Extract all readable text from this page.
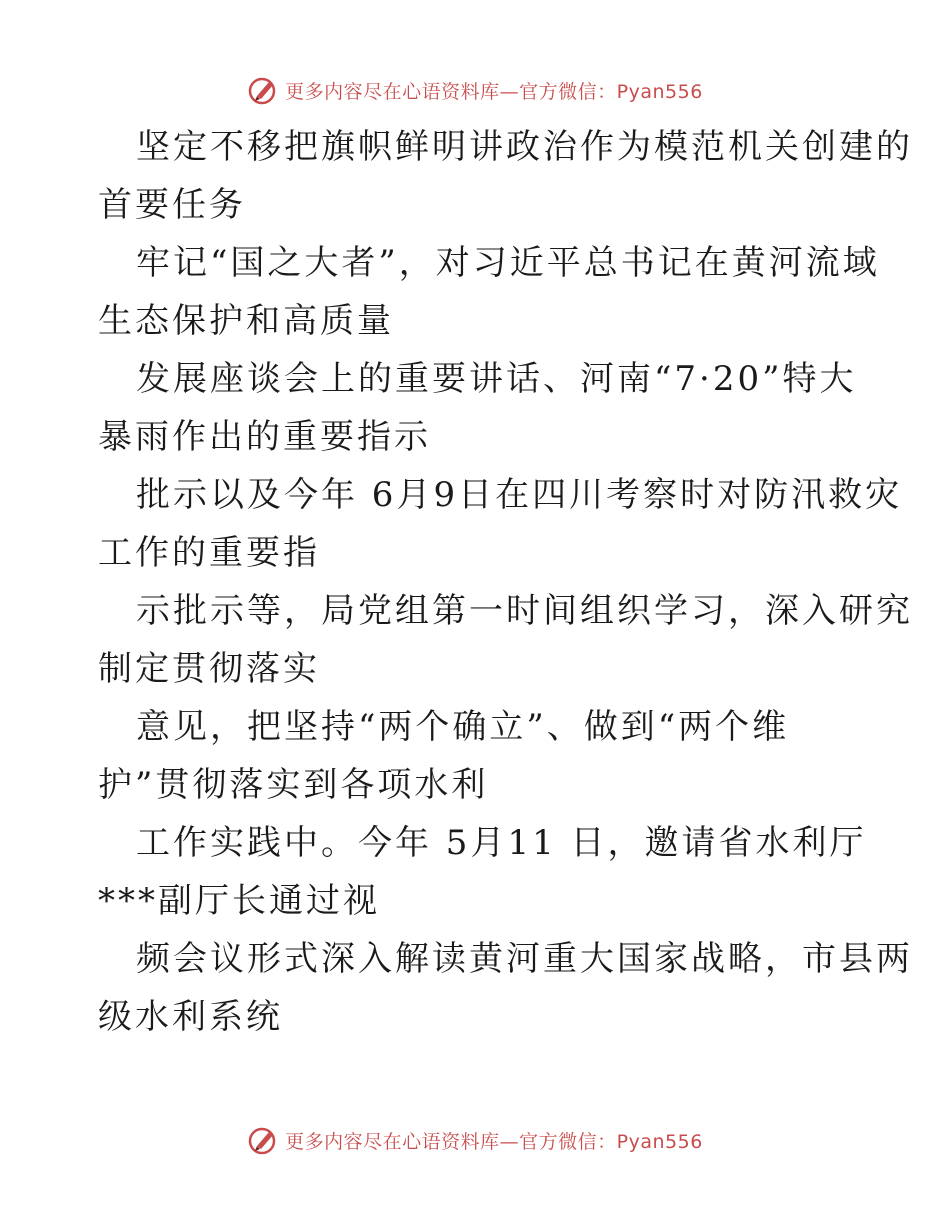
更多内容尽在心语资料库—官方微信：Pyan556
坚定不移把旗帜鲜明讲政治作为模范机关创建的
首要任务
牢记“国之大者”，对习近平总书记在黄河流域
生态保护和高质量
发展座谈会上的重要讲话、河南“7·20”特大
暴雨作出的重要指示
批示以及今年 6月9日在四川考察时对防汛救灾
工作的重要指
示批示等，局党组第一时间组织学习，深入研究
制定贯彻落实
意见，把坚持“两个确立”、做到“两个维
护”贯彻落实到各项水利
工作实践中。今年 5月11 日，邀请省水利厅
***副厅长通过视
频会议形式深入解读黄河重大国家战略，市县两
级水利系统
更多内容尽在心语资料库—官方微信：Pyan556
